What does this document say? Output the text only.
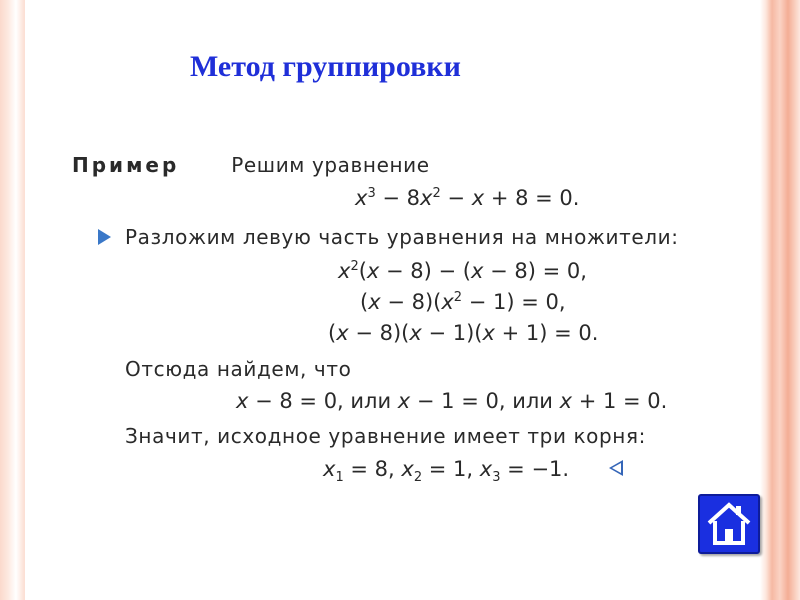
Метод группировки
Пример	Решим уравнение
$x^3 - 8x^2 - x + 8 = 0$.
Разложим левую часть уравнения на множители:
$x^2(x - 8) - (x - 8) = 0$,
$(x - 8)(x^2 - 1) = 0$,
(x − 8)(x − 1)(x + 1) = 0.
Отсюда найдем, что
x − 8 = 0, или x − 1 = 0, или x + 1 = 0.
Значит, исходное уравнение имеет три корня:
$x_1 = 8$, $x_2 = 1$, $x_3 = -1$.
